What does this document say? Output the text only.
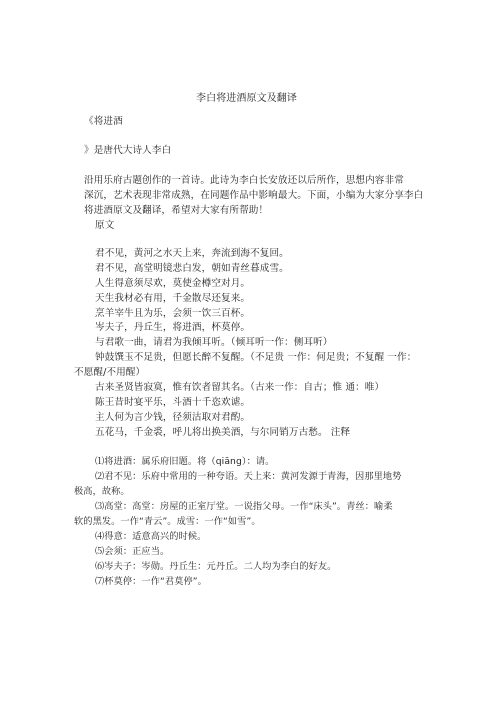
李白将进酒原文及翻译
《将进酒
》是唐代大诗人李白
沿用乐府古题创作的一首诗。此诗为李白长安放还以后所作，思想内容非常
深沉，艺术表现非常成熟，在同题作品中影响最大。下面，小编为大家分享李白
将进酒原文及翻译，希望对大家有所帮助！
原文
君不见，黄河之水天上来，奔流到海不复回。
君不见，高堂明镜悲白发，朝如青丝暮成雪。
人生得意须尽欢，莫使金樽空对月。
天生我材必有用，千金散尽还复来。
烹羊宰牛且为乐，会须一饮三百杯。
岑夫子，丹丘生，将进酒，杯莫停。
与君歌一曲，请君为我倾耳听。（倾耳听一作：侧耳听）
钟鼓馔玉不足贵，但愿长醉不复醒。（不足贵 一作：何足贵；不复醒 一作：
不愿醒/不用醒）
古来圣贤皆寂寞，惟有饮者留其名。（古来一作：自古；惟 通：唯）
陈王昔时宴平乐，斗酒十千恣欢谑。
主人何为言少钱，径须沽取对君酌。
五花马，千金裘，呼儿将出换美酒，与尔同销万古愁。 注释
⑴将进酒：属乐府旧题。将（qiāng）：请。
⑵君不见：乐府中常用的一种夸语。天上来：黄河发源于青海，因那里地势
极高，故称。
⑶高堂：高堂：房屋的正室厅堂。一说指父母。一作“床头”。青丝：喻柔
软的黑发。一作“青云”。成雪：一作“如雪”。
⑷得意：适意高兴的时候。
⑸会须：正应当。
⑹岑夫子：岑勋。丹丘生：元丹丘。二人均为李白的好友。
⑺杯莫停：一作“君莫停”。
